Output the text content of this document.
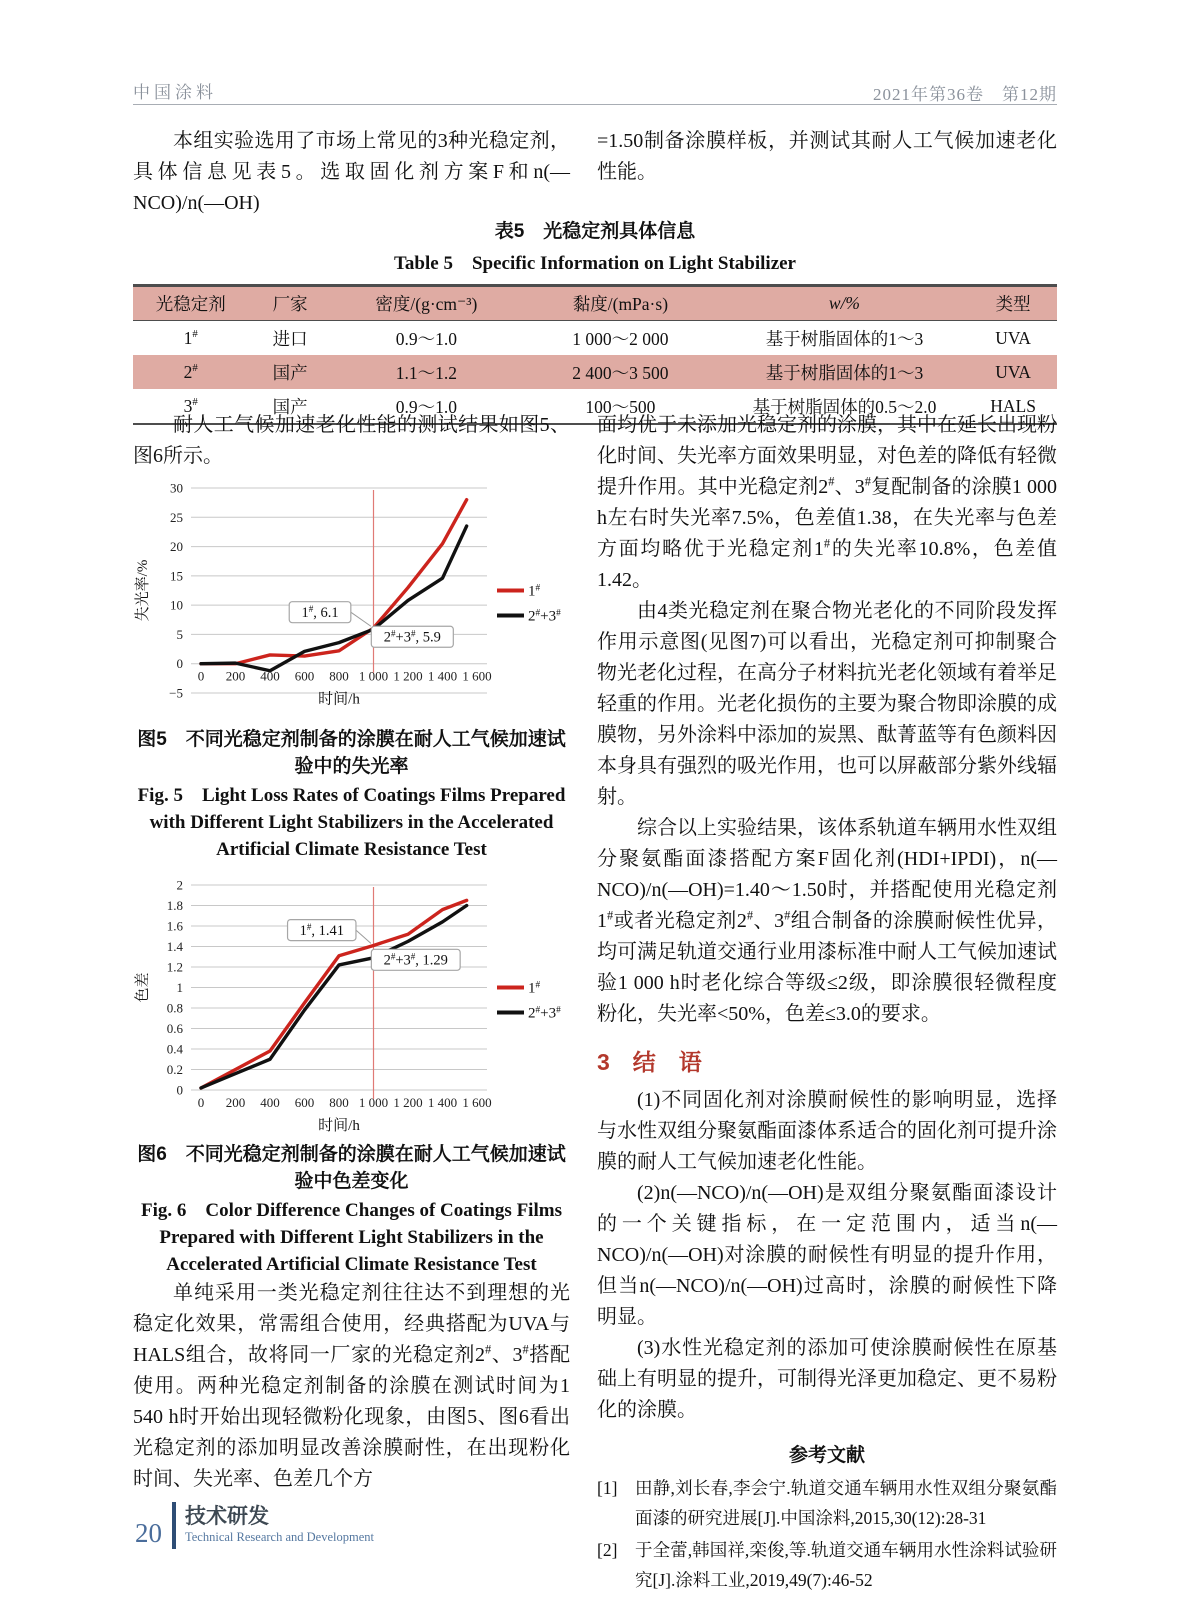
中国涂料	2021年第36卷　第12期

本组实验选用了市场上常见的3种光稳定剂，具体信息见表5。选取固化剂方案F和n(—NCO)/n(—OH)

=1.50制备涂膜样板，并测试其耐人工气候加速老化性能。

表5　光稳定剂具体信息
Table 5　Specific Information on Light Stabilizer
光稳定剂	厂家	密度/(g·cm⁻³)	黏度/(mPa·s)	w/%	类型
1#	进口	0.9～1.0	1 000～2 000	基于树脂固体的1～3	UVA
2#	国产	1.1～1.2	2 400～3 500	基于树脂固体的1～3	UVA
3#	国产	0.9～1.0	100～500	基于树脂固体的0.5～2.0	HALS

耐人工气候加速老化性能的测试结果如图5、图6所示。

−5
0
5
10
15
20
25
30
0 200 400 600 800 1 000 1 200 1 400 1 600
1#, 6.1
2#+3#, 5.9
1#
2#+3#
失光率/%
时间/h

图5　不同光稳定剂制备的涂膜在耐人工气候加速试验中的失光率

Fig. 5　Light Loss Rates of Coatings Films Prepared with Different Light Stabilizers in the Accelerated Artificial Climate Resistance Test

0
0.2
0.4
0.6
0.8
1
1.2
1.4
1.6
1.8
2
0 200 400 600 800 1 000 1 200 1 400 1 600
1#, 1.41
2#+3#, 1.29
1#
2#+3#
色差
时间/h

图6　不同光稳定剂制备的涂膜在耐人工气候加速试验中色差变化

Fig. 6　Color Difference Changes of Coatings Films Prepared with Different Light Stabilizers in the Accelerated Artificial Climate Resistance Test

单纯采用一类光稳定剂往往达不到理想的光稳定化效果，常需组合使用，经典搭配为UVA与HALS组合，故将同一厂家的光稳定剂2#、3#搭配使用。两种光稳定剂制备的涂膜在测试时间为1 540 h时开始出现轻微粉化现象，由图5、图6看出光稳定剂的添加明显改善涂膜耐性，在出现粉化时间、失光率、色差几个方

面均优于未添加光稳定剂的涂膜，其中在延长出现粉化时间、失光率方面效果明显，对色差的降低有轻微提升作用。其中光稳定剂2#、3#复配制备的涂膜1 000 h左右时失光率7.5%，色差值1.38，在失光率与色差方面均略优于光稳定剂1#的失光率10.8%，色差值1.42。

由4类光稳定剂在聚合物光老化的不同阶段发挥作用示意图(见图7)可以看出，光稳定剂可抑制聚合物光老化过程，在高分子材料抗光老化领域有着举足轻重的作用。光老化损伤的主要为聚合物即涂膜的成膜物，另外涂料中添加的炭黑、酞菁蓝等有色颜料因本身具有强烈的吸光作用，也可以屏蔽部分紫外线辐射。

综合以上实验结果，该体系轨道车辆用水性双组分聚氨酯面漆搭配方案F固化剂(HDI+IPDI)，n(—NCO)/n(—OH)=1.40～1.50时，并搭配使用光稳定剂1#或者光稳定剂2#、3#组合制备的涂膜耐候性优异，均可满足轨道交通行业用漆标准中耐人工气候加速试验1 000 h时老化综合等级≤2级，即涂膜很轻微程度粉化，失光率<50%，色差≤3.0的要求。

3　结　语

(1)不同固化剂对涂膜耐候性的影响明显，选择与水性双组分聚氨酯面漆体系适合的固化剂可提升涂膜的耐人工气候加速老化性能。

(2)n(—NCO)/n(—OH)是双组分聚氨酯面漆设计的一个关键指标，在一定范围内，适当n(—NCO)/n(—OH)对涂膜的耐候性有明显的提升作用，但当n(—NCO)/n(—OH)过高时，涂膜的耐候性下降明显。

(3)水性光稳定剂的添加可使涂膜耐候性在原基础上有明显的提升，可制得光泽更加稳定、更不易粉化的涂膜。

参考文献
[1]	田静,刘长春,李会宁.轨道交通车辆用水性双组分聚氨酯面漆的研究进展[J].中国涂料,2015,30(12):28-31
[2]	于全蕾,韩国祥,栾俊,等.轨道交通车辆用水性涂料试验研究[J].涂料工业,2019,49(7):46-52
20
技术研发
Technical Research and Development
